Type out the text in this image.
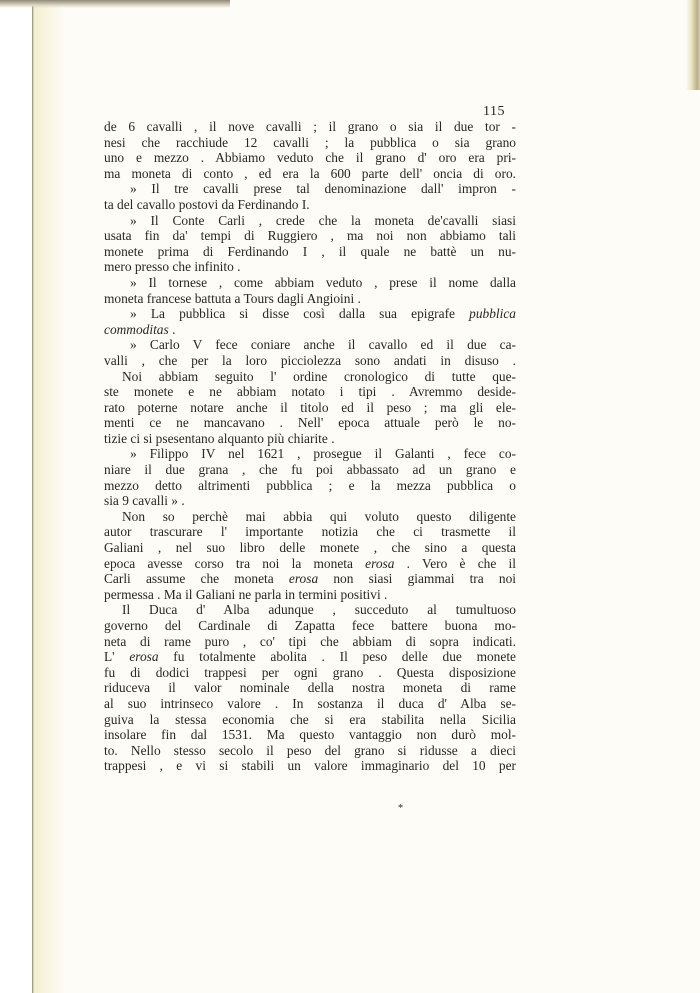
115
de 6 cavalli , il nove cavalli ; il grano o sia il due tor -
nesi che racchiude 12 cavalli ; la pubblica o sia grano
uno e mezzo . Abbiamo veduto che il grano d' oro era pri-
ma moneta di conto , ed era la 600 parte dell' oncia di oro.
» Il tre cavalli prese tal denominazione dall' impron -
ta del cavallo postovi da Ferdinando I.
» Il Conte Carli , crede che la moneta de'cavalli siasi
usata fin da' tempi di Ruggiero , ma noi non abbiamo tali
monete prima di Ferdinando I , il quale ne battè un nu-
mero presso che infinito .
» Il tornese , come abbiam veduto , prese il nome dalla
moneta francese battuta a Tours dagli Angioini .
» La pubblica si disse così dalla sua epigrafe pubblica
commoditas .
» Carlo V fece coniare anche il cavallo ed il due ca-
valli , che per la loro picciolezza sono andati in disuso .
Noi abbiam seguito l' ordine cronologico di tutte que-
ste monete e ne abbiam notato i tipi . Avremmo deside-
rato poterne notare anche il titolo ed il peso ; ma gli ele-
menti ce ne mancavano . Nell' epoca attuale però le no-
tizie ci si psesentano alquanto più chiarite .
» Filippo IV nel 1621 , prosegue il Galanti , fece co-
niare il due grana , che fu poi abbassato ad un grano e
mezzo detto altrimenti pubblica ; e la mezza pubblica o
sia 9 cavalli » .
Non so perchè mai abbia qui voluto questo diligente
autor trascurare l' importante notizia che ci trasmette il
Galiani , nel suo libro delle monete , che sino a questa
epoca avesse corso tra noi la moneta erosa . Vero è che il
Carli assume che moneta erosa non siasi giammai tra noi
permessa . Ma il Galiani ne parla in termini positivi .
Il Duca d' Alba adunque , succeduto al tumultuoso
governo del Cardinale di Zapatta fece battere buona mo-
neta di rame puro , co' tipi che abbiam di sopra indicati.
L' erosa fu totalmente abolita . Il peso delle due monete
fu di dodici trappesi per ogni grano . Questa disposizione
riduceva il valor nominale della nostra moneta di rame
al suo intrinseco valore . In sostanza il duca d' Alba se-
guiva la stessa economia che si era stabilita nella Sicilia
insolare fin dal 1531. Ma questo vantaggio non durò mol-
to. Nello stesso secolo il peso del grano si ridusse a dieci
trappesi , e vi si stabili un valore immaginario del 10 per
*
